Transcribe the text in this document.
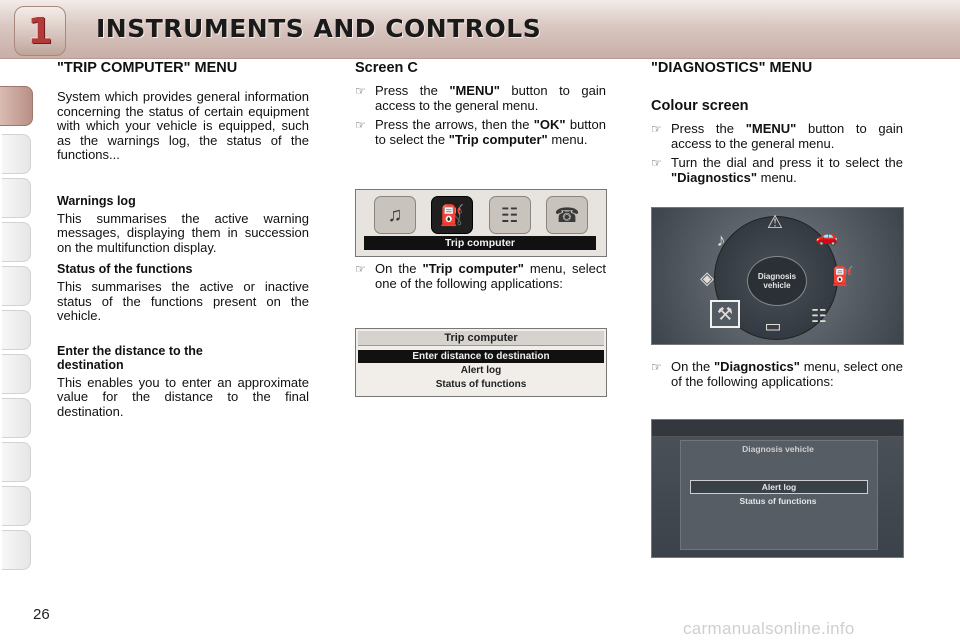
1 INSTRUMENTS AND CONTROLS
"TRIP COMPUTER" MENU

System which provides general information concerning the status of certain equipment with which your vehicle is equipped, such as the warnings log, the status of the functions...

Warnings log

This summarises the active warning messages, displaying them in succession on the multifunction display.

Status of the functions

This summarises the active or inactive status of the functions present on the vehicle.

Enter the distance to the destination

This enables you to enter an approximate value for the distance to the final destination.

Screen C

☞ Press the "MENU" button to gain access to the general menu.

☞ Press the arrows, then the "OK" button to select the "Trip computer" menu.

♫	⛽	☷	☎
Trip computer

☞ On the "Trip computer" menu, select one of the following applications:

Trip computer
Enter distance to destination
Alert log
Status of functions
"DIAGNOSTICS" MENU
Colour screen

☞ Press the "MENU" button to gain access to the general menu.

☞ Turn the dial and press it to select the "Diagnostics" menu.

♪
⚠
🚗
⛽
⚒
▭ ☷
◈	Diagnosis vehicle

☞ On the "Diagnostics" menu, select one of the following applications:

Diagnosis vehicle
Alert log
Status of functions
26
carmanualsonline.info
